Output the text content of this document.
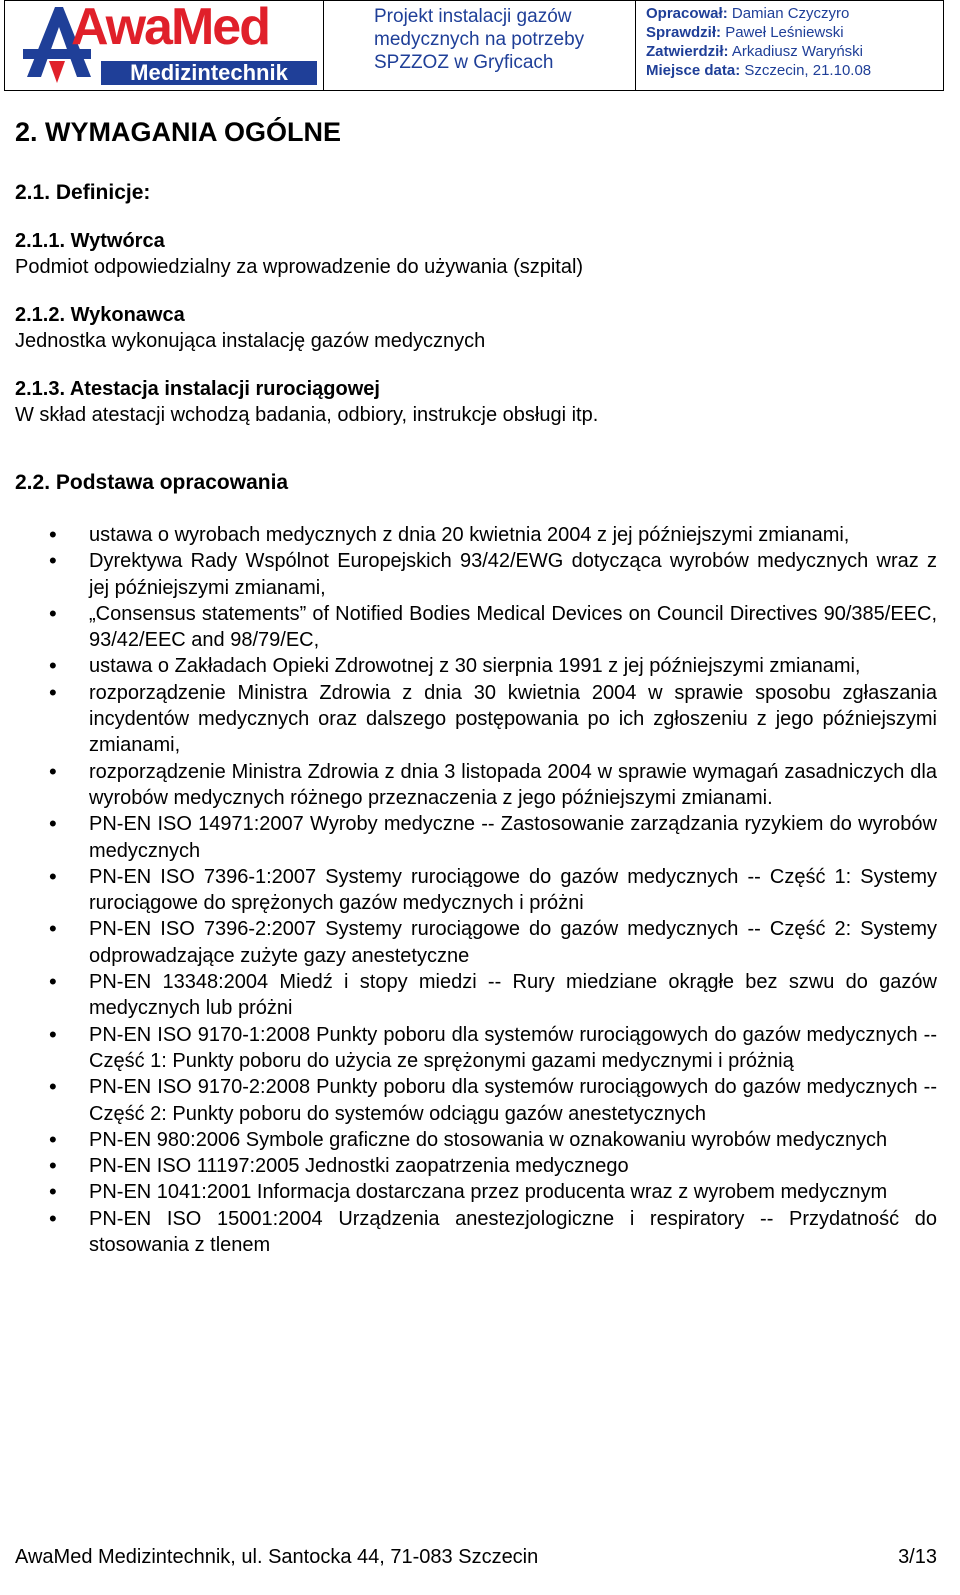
AwaMed
Medizintechnik
Projekt instalacji gazów medycznych na potrzeby SPZZOZ w Gryficach
Opracował: Damian Czyczyro
Sprawdził: Paweł Leśniewski
Zatwierdził: Arkadiusz Waryński
Miejsce data: Szczecin, 21.10.08
2. WYMAGANIA OGÓLNE
2.1. Definicje:
2.1.1. Wytwórca
Podmiot odpowiedzialny za wprowadzenie do używania (szpital)
2.1.2. Wykonawca
Jednostka wykonująca instalację gazów medycznych
2.1.3. Atestacja instalacji rurociągowej
W skład atestacji wchodzą badania, odbiory, instrukcje obsługi itp.
2.2. Podstawa opracowania
• ustawa o wyrobach medycznych z dnia 20 kwietnia 2004 z jej późniejszymi zmianami,
• Dyrektywa Rady Wspólnot Europejskich 93/42/EWG dotycząca wyrobów medycznych wraz z jej późniejszymi zmianami,
• „Consensus statements” of Notified Bodies Medical Devices on Council Directives 90/385/EEC, 93/42/EEC and 98/79/EC,
• ustawa o Zakładach Opieki Zdrowotnej z 30 sierpnia 1991 z jej późniejszymi zmianami,
• rozporządzenie Ministra Zdrowia z dnia 30 kwietnia 2004 w sprawie sposobu zgłaszania incydentów medycznych oraz dalszego postępowania po ich zgłoszeniu z jego późniejszymi zmianami,
• rozporządzenie Ministra Zdrowia z dnia 3 listopada 2004 w sprawie wymagań zasadniczych dla wyrobów medycznych różnego przeznaczenia z jego późniejszymi zmianami.
• PN-EN ISO 14971:2007 Wyroby medyczne -- Zastosowanie zarządzania ryzykiem do wyrobów medycznych
• PN-EN ISO 7396-1:2007 Systemy rurociągowe do gazów medycznych -- Część 1: Systemy rurociągowe do sprężonych gazów medycznych i próżni
• PN-EN ISO 7396-2:2007 Systemy rurociągowe do gazów medycznych -- Część 2: Systemy odprowadzające zużyte gazy anestetyczne
• PN-EN 13348:2004 Miedź i stopy miedzi -- Rury miedziane okrągłe bez szwu do gazów medycznych lub próżni
• PN-EN ISO 9170-1:2008 Punkty poboru dla systemów rurociągowych do gazów medycznych -- Część 1: Punkty poboru do użycia ze sprężonymi gazami medycznymi i próżnią
• PN-EN ISO 9170-2:2008 Punkty poboru dla systemów rurociągowych do gazów medycznych -- Część 2: Punkty poboru do systemów odciągu gazów anestetycznych
• PN-EN 980:2006 Symbole graficzne do stosowania w oznakowaniu wyrobów medycznych
• PN-EN ISO 11197:2005 Jednostki zaopatrzenia medycznego
• PN-EN 1041:2001 Informacja dostarczana przez producenta wraz z wyrobem medycznym
• PN-EN ISO 15001:2004 Urządzenia anestezjologiczne i respiratory -- Przydatność do stosowania z tlenem
AwaMed Medizintechnik, ul. Santocka 44, 71-083 Szczecin	3/13
